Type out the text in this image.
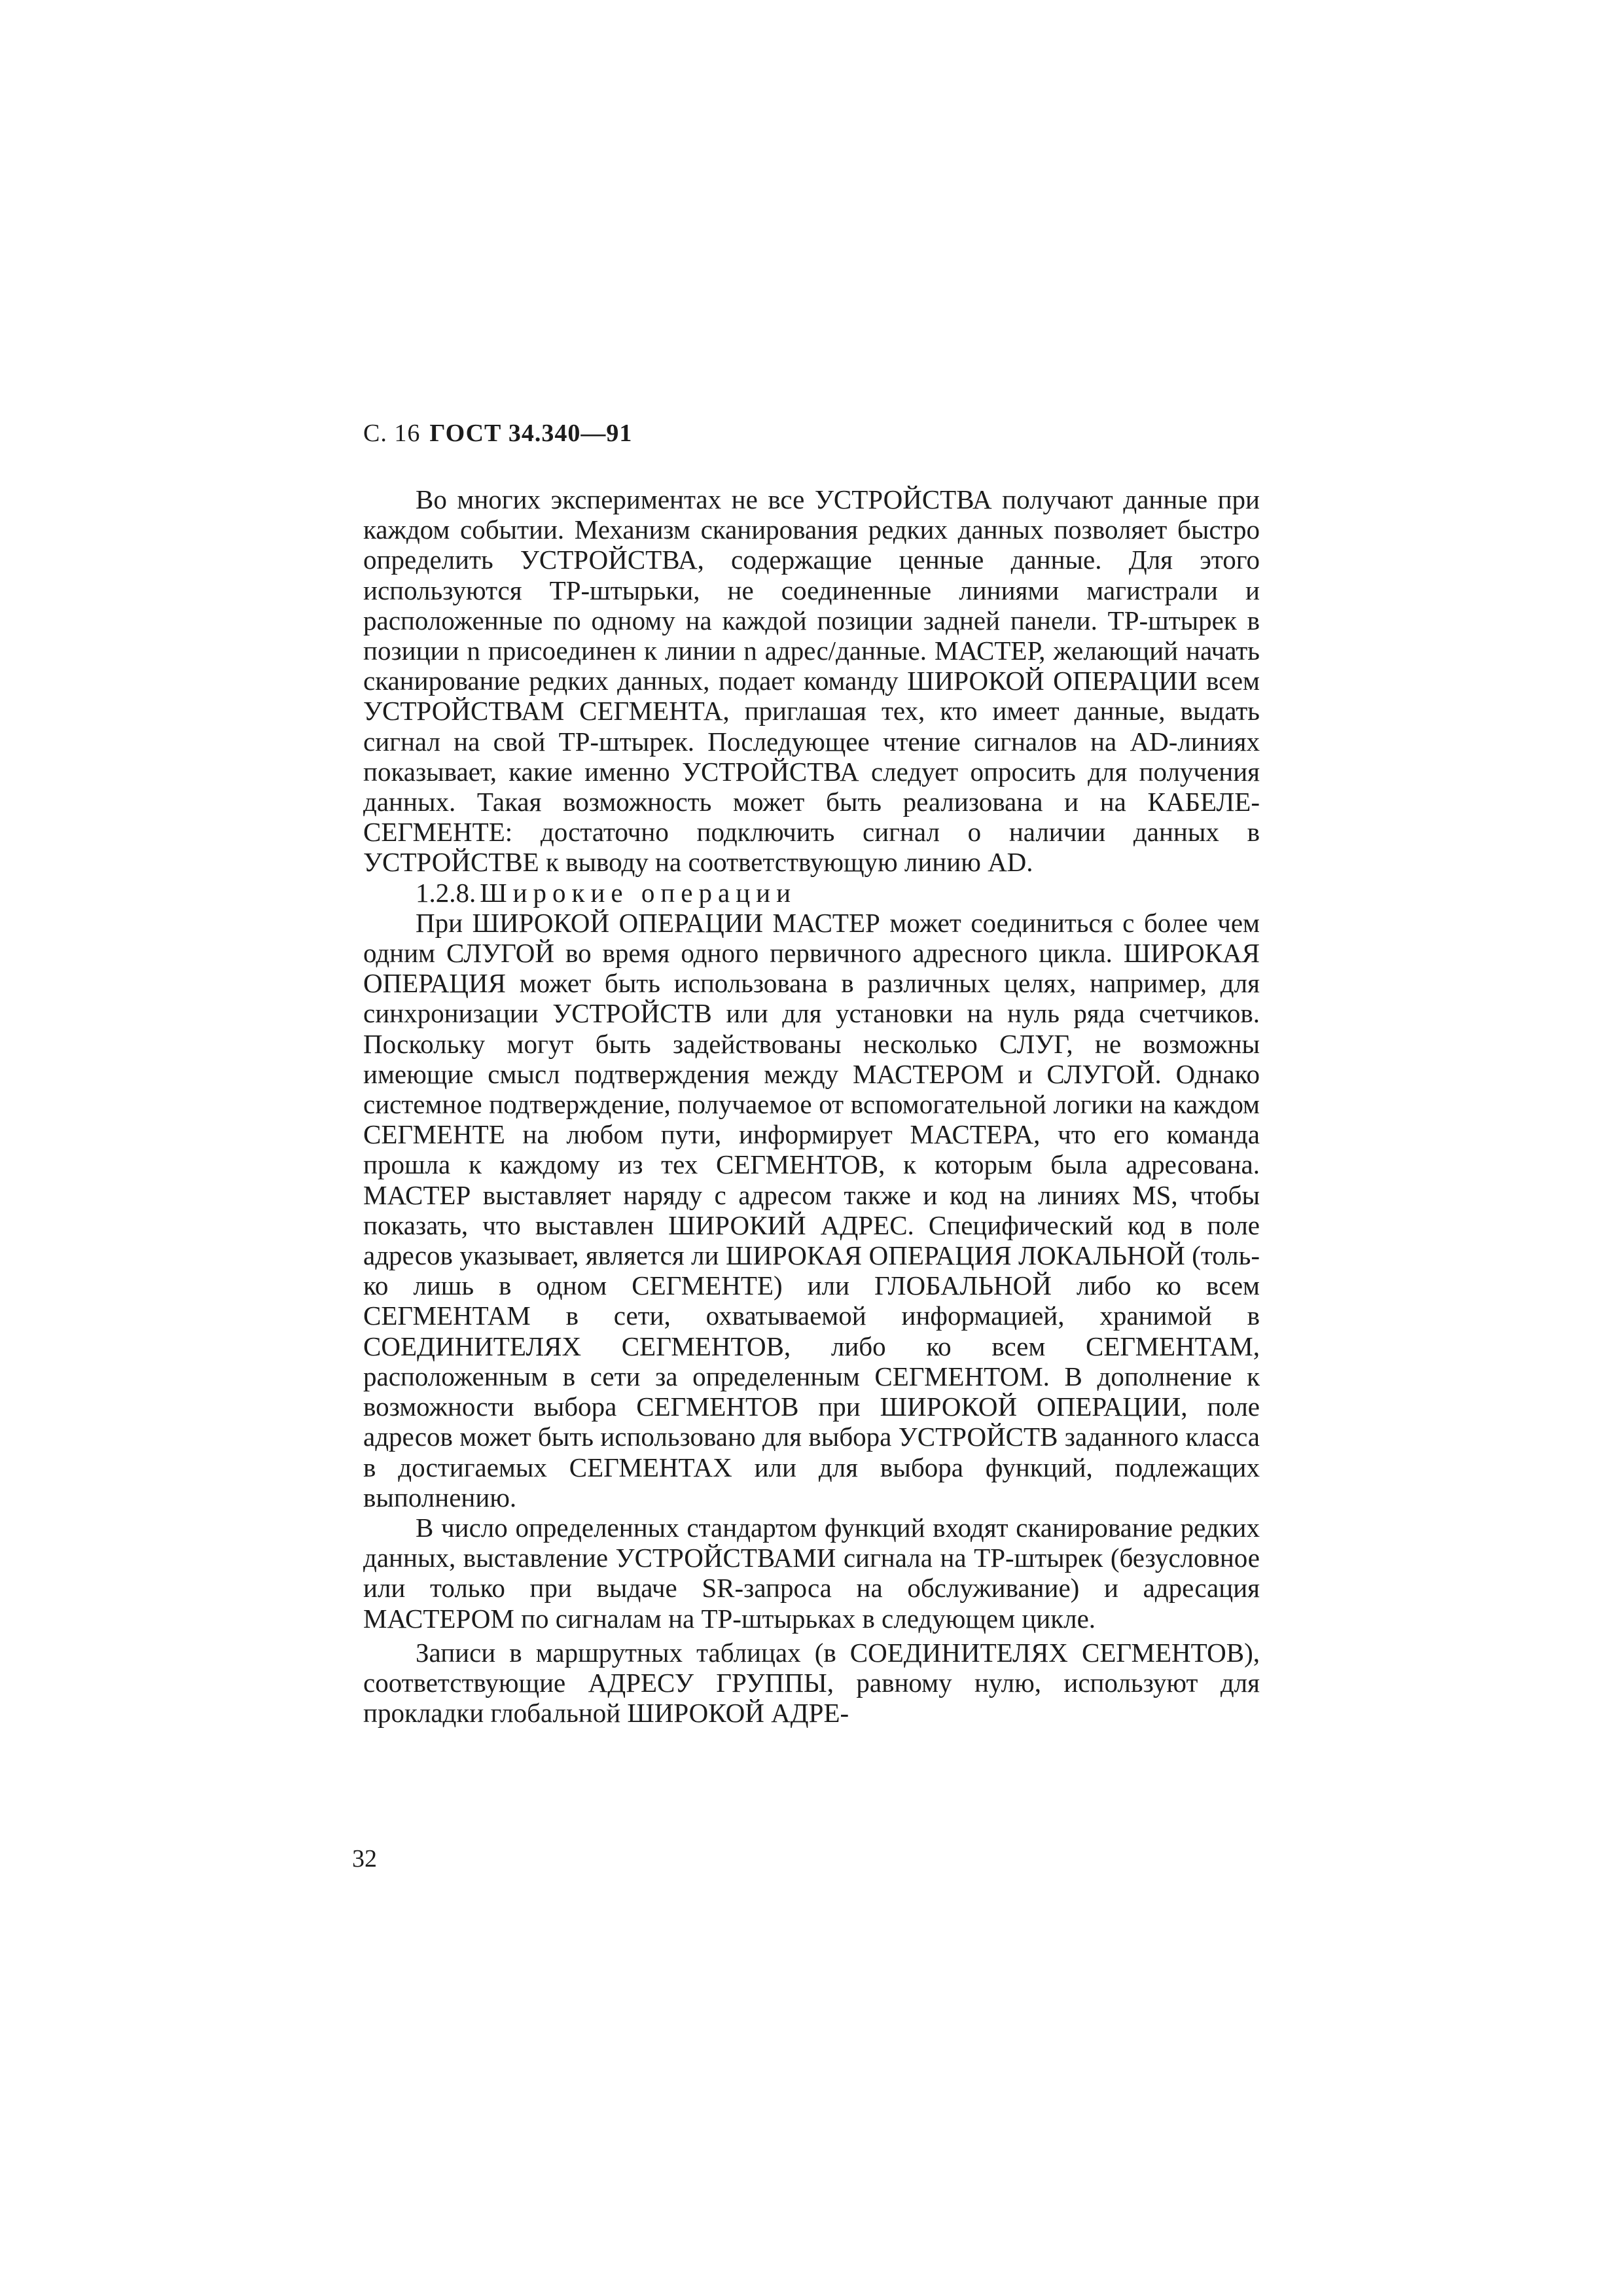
С. 16 ГОСТ 34.340—91

Во многих экспериментах не все УСТРОЙСТВА получают данные при каждом событии. Механизм сканирования редких данных позволяет быстро определить УСТРОЙСТВА, содержащие ценные данные. Для этого используются ТР-штырьки, не соединенные линиями магистрали и расположенные по одному на каждой позиции задней панели. ТР-штырек в позиции n присоединен к линии n адрес/данные. МАСТЕР, желающий начать сканирование редких данных, подает команду ШИРОКОЙ ОПЕРАЦИИ всем УСТРОЙСТВАМ СЕГМЕНТА, приглашая тех, кто имеет данные, выдать сигнал на свой ТР-штырек. Последующее чтение сигналов на AD-линиях показывает, какие именно УСТРОЙСТВА следует опросить для получения данных. Такая возможность может быть реализована и на КАБЕЛЕ-СЕГМЕНТЕ: достаточно подключить сигнал о наличии данных в УСТРОЙСТВЕ к выводу на соответствующую линию AD.

1.2.8. Широкие операции

При ШИРОКОЙ ОПЕРАЦИИ МАСТЕР может соединиться с более чем одним СЛУГОЙ во время одного первичного адресного цикла. ШИРОКАЯ ОПЕРАЦИЯ может быть использована в различных целях, например, для синхронизации УСТРОЙСТВ или для установки на нуль ряда счетчиков. Поскольку могут быть задействованы несколько СЛУГ, не возможны имеющие смысл подтверждения между МАСТЕРОМ и СЛУГОЙ. Однако системное подтверждение, получаемое от вспомогательной логики на каждом СЕГМЕНТЕ на любом пути, информирует МАСТЕРА, что его команда прошла к каждому из тех СЕГМЕНТОВ, к которым была адресована. МАСТЕР выставляет наряду с адресом также и код на линиях MS, чтобы показать, что выставлен ШИРОКИЙ АДРЕС. Специфический код в поле адресов указывает, является ли ШИРОКАЯ ОПЕРАЦИЯ ЛОКАЛЬНОЙ (только лишь в одном СЕГМЕНТЕ) или ГЛОБАЛЬНОЙ либо ко всем СЕГМЕНТАМ в сети, охватываемой информацией, хранимой в СОЕДИНИТЕЛЯХ СЕГМЕНТОВ, либо ко всем СЕГМЕНТАМ, расположенным в сети за определенным СЕГМЕНТОМ. В дополнение к возможности выбора СЕГМЕНТОВ при ШИРОКОЙ ОПЕРАЦИИ, поле адресов может быть использовано для выбора УСТРОЙСТВ заданного класса в достигаемых СЕГМЕНТАХ или для выбора функций, подлежащих выполнению.

В число определенных стандартом функций входят сканирование редких данных, выставление УСТРОЙСТВАМИ сигнала на ТР-штырек (безусловное или только при выдаче SR-запроса на обслуживание) и адресация МАСТЕРОМ по сигналам на ТР-штырьках в следующем цикле.

Записи в маршрутных таблицах (в СОЕДИНИТЕЛЯХ СЕГМЕНТОВ), соответствующие АДРЕСУ ГРУППЫ, равному нулю, используют для прокладки глобальной ШИРОКОЙ АДРЕ-

32
